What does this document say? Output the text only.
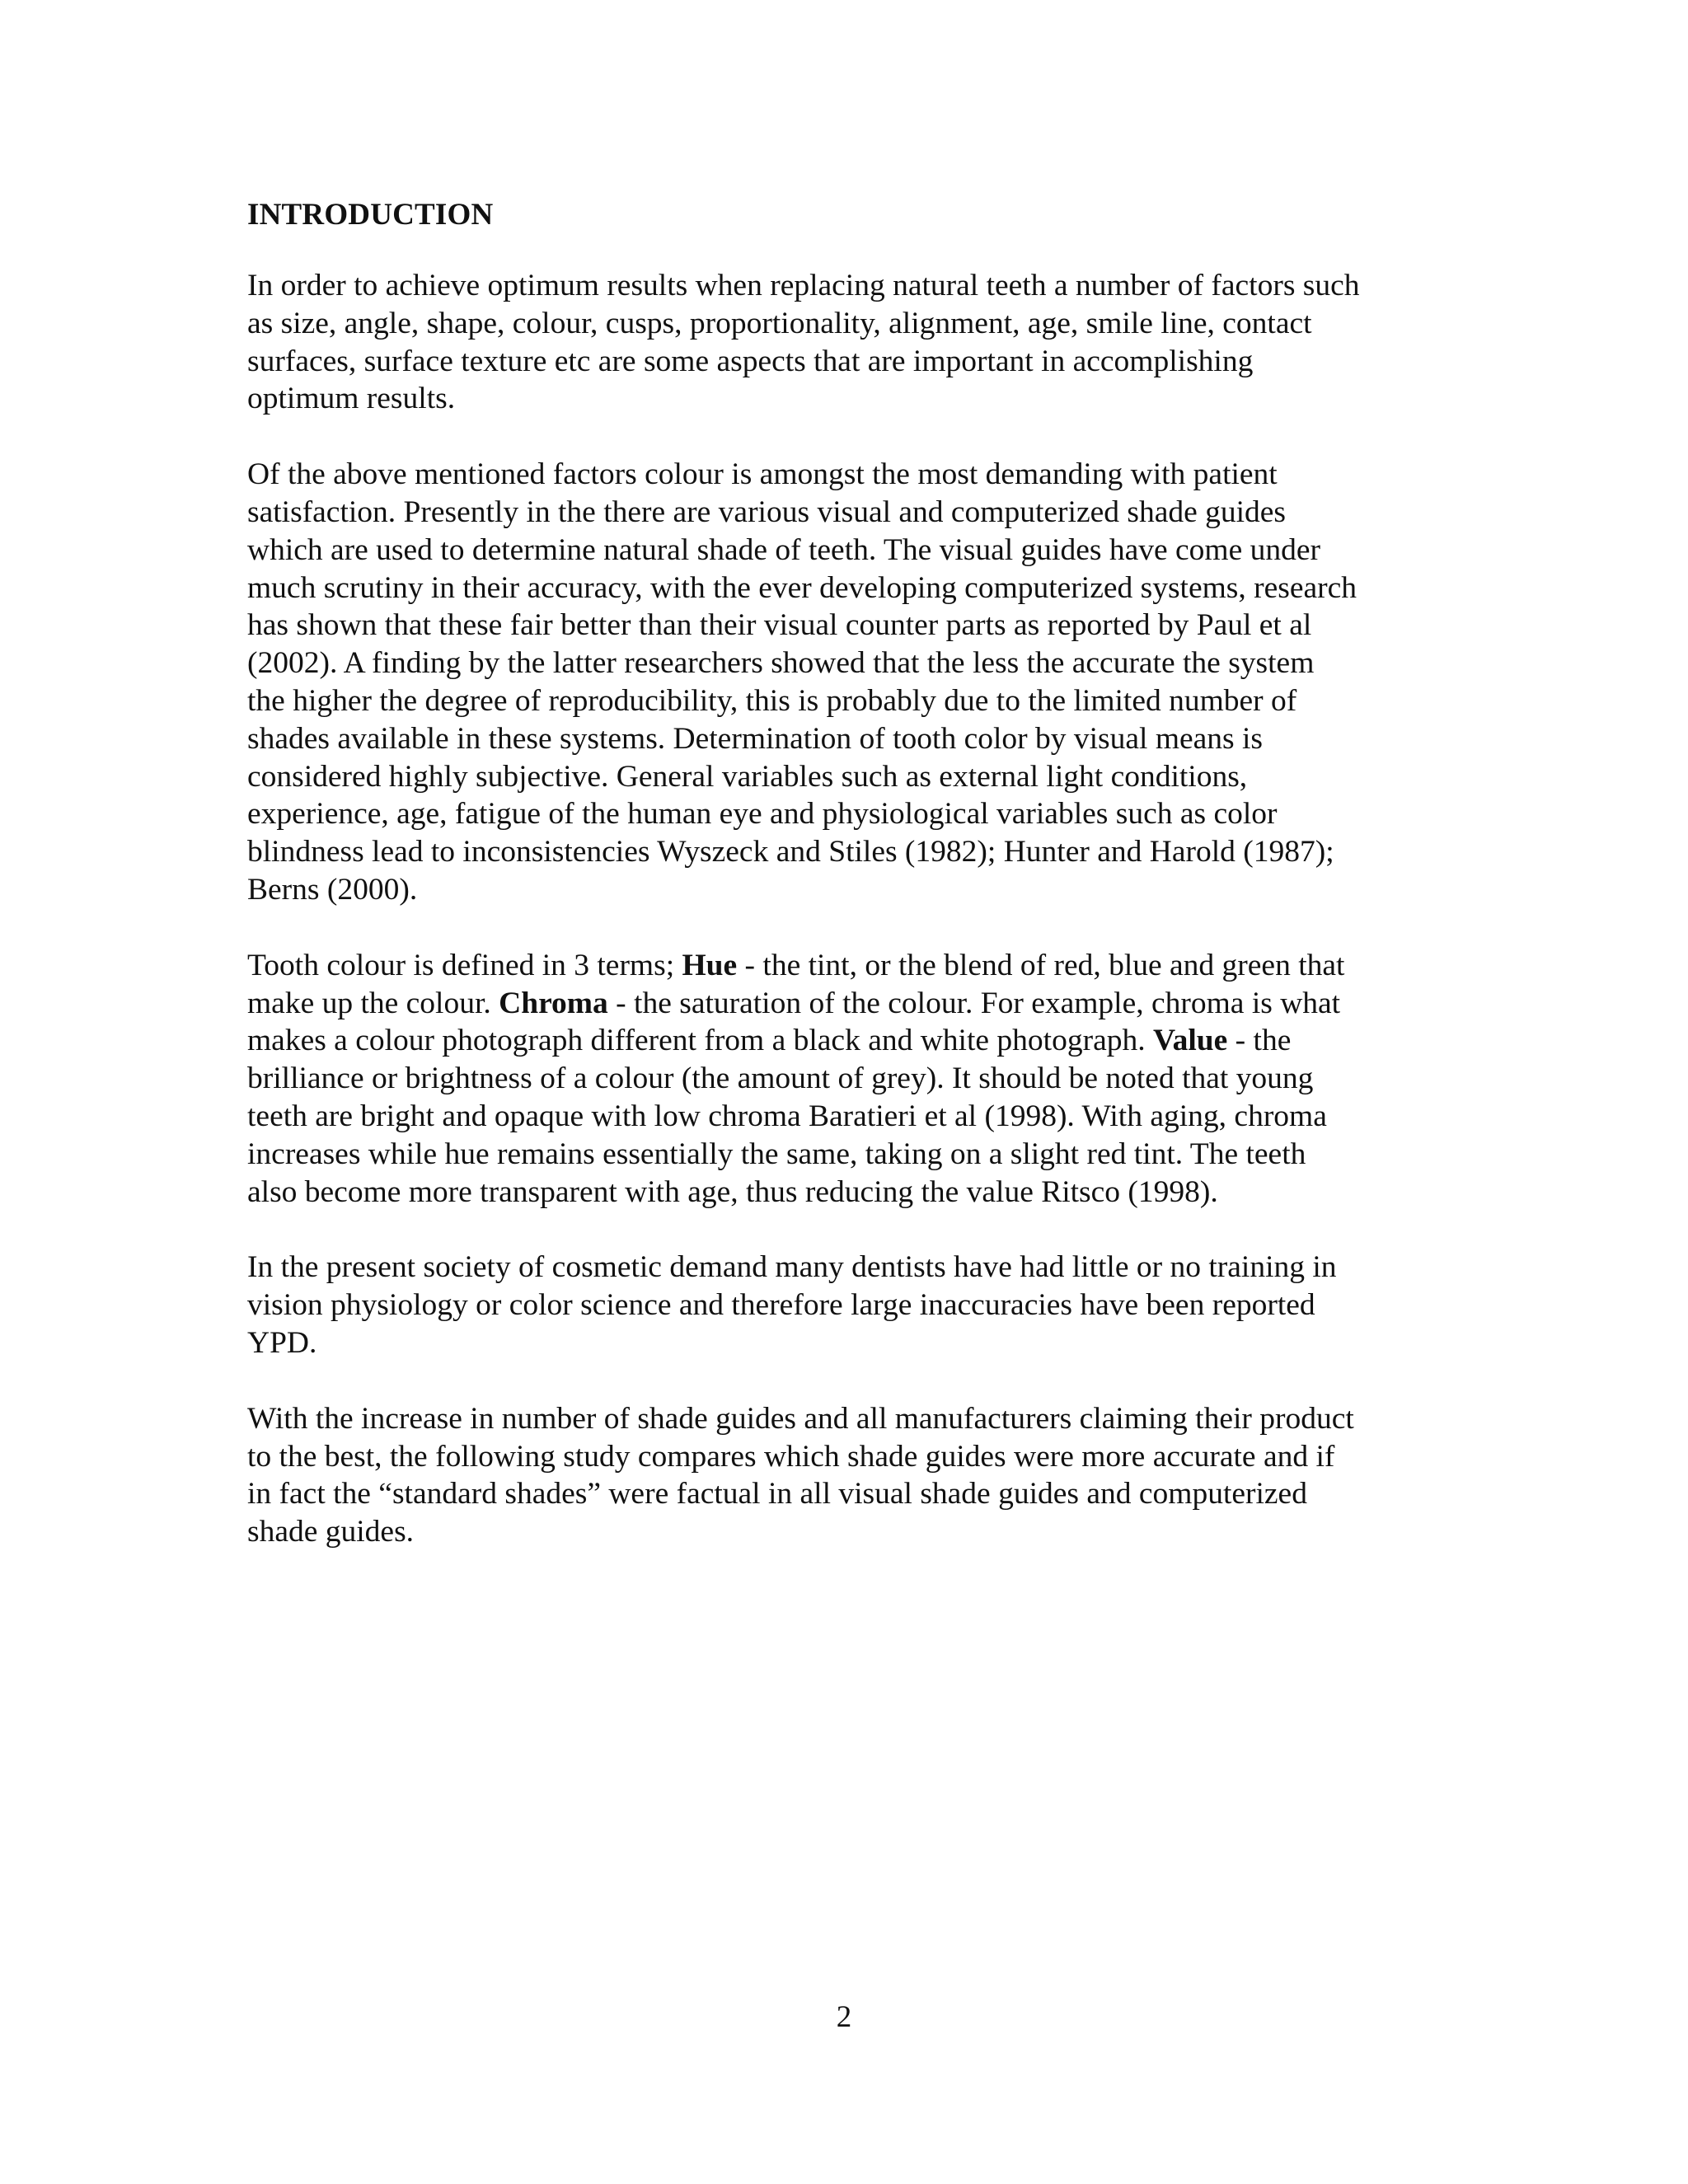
INTRODUCTION

In order to achieve optimum results when replacing natural teeth a number of factors such
as size, angle, shape, colour, cusps, proportionality, alignment, age, smile line, contact
surfaces, surface texture etc are some aspects that are important in accomplishing
optimum results.

Of the above mentioned factors colour is amongst the most demanding with patient
satisfaction. Presently in the there are various visual and computerized shade guides
which are used to determine natural shade of teeth. The visual guides have come under
much scrutiny in their accuracy, with the ever developing computerized systems, research
has shown that these fair better than their visual counter parts as reported by Paul et al
(2002). A finding by the latter researchers showed that the less the accurate the system
the higher the degree of reproducibility, this is probably due to the limited number of
shades available in these systems. Determination of tooth color by visual means is
considered highly subjective. General variables such as external light conditions,
experience, age, fatigue of the human eye and physiological variables such as color
blindness lead to inconsistencies Wyszeck and Stiles (1982); Hunter and Harold (1987);
Berns (2000).

Tooth colour is defined in 3 terms; Hue - the tint, or the blend of red, blue and green that
make up the colour. Chroma - the saturation of the colour. For example, chroma is what
makes a colour photograph different from a black and white photograph. Value - the
brilliance or brightness of a colour (the amount of grey). It should be noted that young
teeth are bright and opaque with low chroma Baratieri et al (1998). With aging, chroma
increases while hue remains essentially the same, taking on a slight red tint. The teeth
also become more transparent with age, thus reducing the value Ritsco (1998).

In the present society of cosmetic demand many dentists have had little or no training in
vision physiology or color science and therefore large inaccuracies have been reported
YPD.

With the increase in number of shade guides and all manufacturers claiming their product
to the best, the following study compares which shade guides were more accurate and if
in fact the “standard shades” were factual in all visual shade guides and computerized
shade guides.

2
